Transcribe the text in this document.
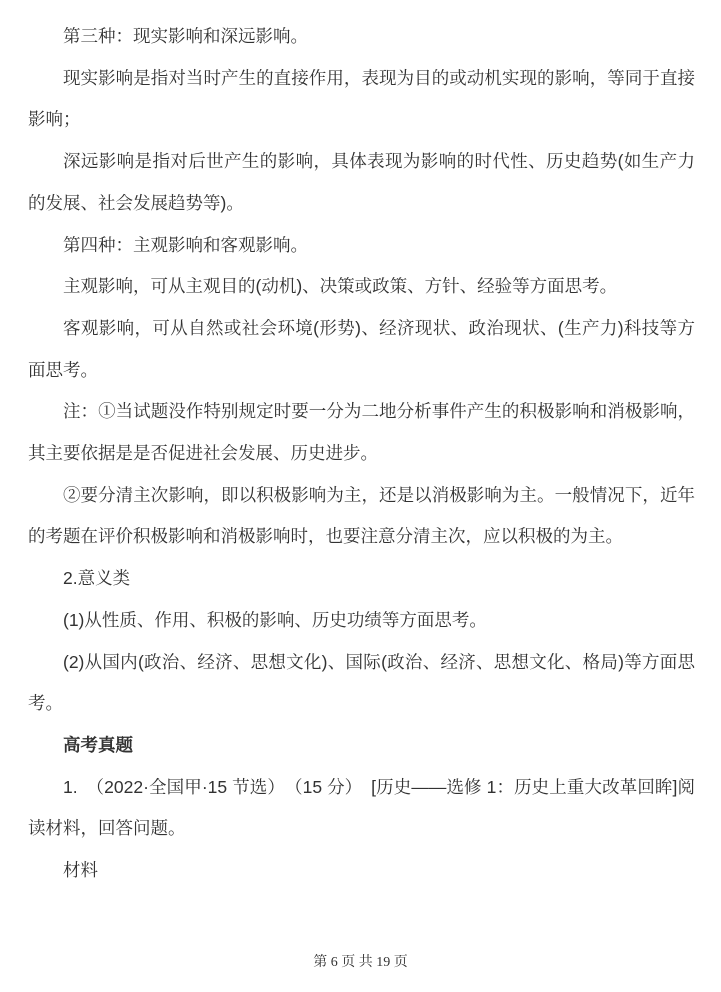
第三种：现实影响和深远影响。

现实影响是指对当时产生的直接作用，表现为目的或动机实现的影响，等同于直接影响；

深远影响是指对后世产生的影响，具体表现为影响的时代性、历史趋势(如生产力的发展、社会发展趋势等)。

第四种：主观影响和客观影响。

主观影响，可从主观目的(动机)、决策或政策、方针、经验等方面思考。

客观影响，可从自然或社会环境(形势)、经济现状、政治现状、(生产力)科技等方面思考。

注：①当试题没作特别规定时要一分为二地分析事件产生的积极影响和消极影响，其主要依据是是否促进社会发展、历史进步。

②要分清主次影响，即以积极影响为主，还是以消极影响为主。一般情况下，近年的考题在评价积极影响和消极影响时，也要注意分清主次，应以积极的为主。

2.意义类

(1)从性质、作用、积极的影响、历史功绩等方面思考。

(2)从国内(政治、经济、思想文化)、国际(政治、经济、思想文化、格局)等方面思考。

高考真题

1.　（2022·全国甲·15 节选）　（15 分）　[历史——选修 1：历史上重大改革回眸]阅读材料，回答问题。

材料

第 6 页 共 19 页
